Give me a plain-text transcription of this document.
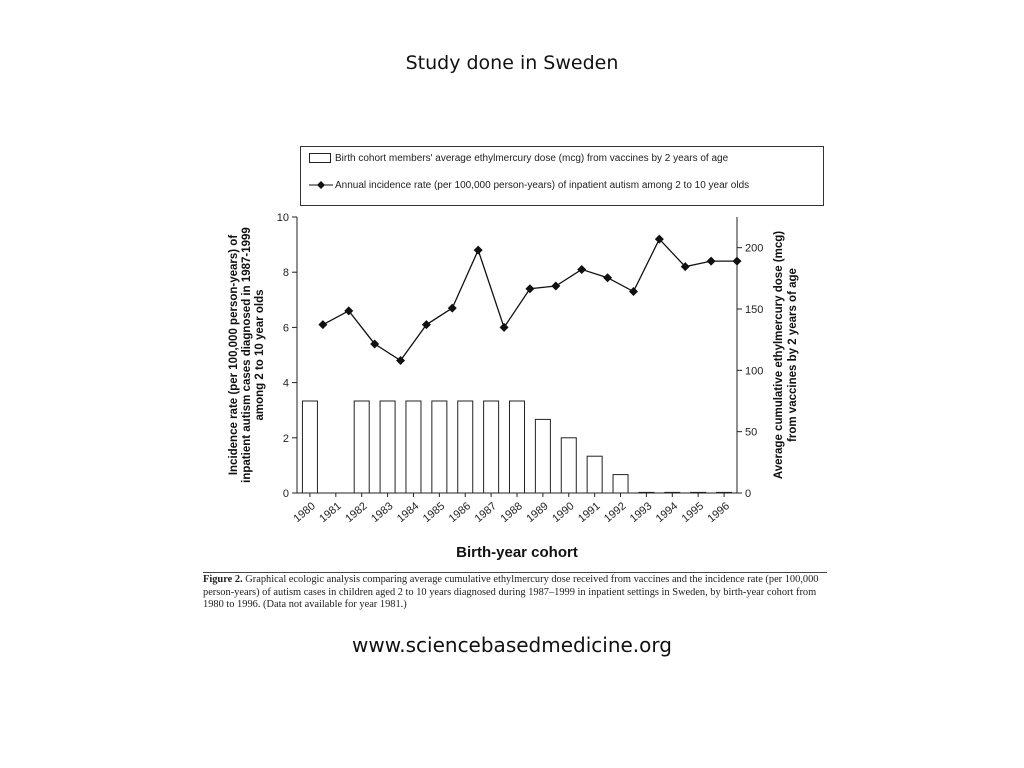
Study done in Sweden
Birth cohort members' average ethylmercury dose (mcg) from vaccines by 2 years of age
Annual incidence rate (per 100,000 person-years) of inpatient autism among 2 to 10 year olds
0
2
4
6
8
10
0
50
100
150
200
1980 1981 1982 1983 1984 1985 1986 1987 1988 1989 1990 1991 1992 1993 1994 1995 1996
Birth-year cohort
Incidence rate (per 100,000 person-years) of inpatient autism cases diagnosed in 1987-1999 among 2 to 10 year olds	Average cumulative ethylmercury dose (mcg) from vaccines by 2 years of age
Figure 2. Graphical ecologic analysis comparing average cumulative ethylmercury dose received from vaccines and the incidence rate (per 100,000 person-years) of autism cases in children aged 2 to 10 years diagnosed during 1987–1999 in inpatient settings in Sweden, by birth-year cohort from 1980 to 1996. (Data not available for year 1981.)
www.sciencebasedmedicine.org
